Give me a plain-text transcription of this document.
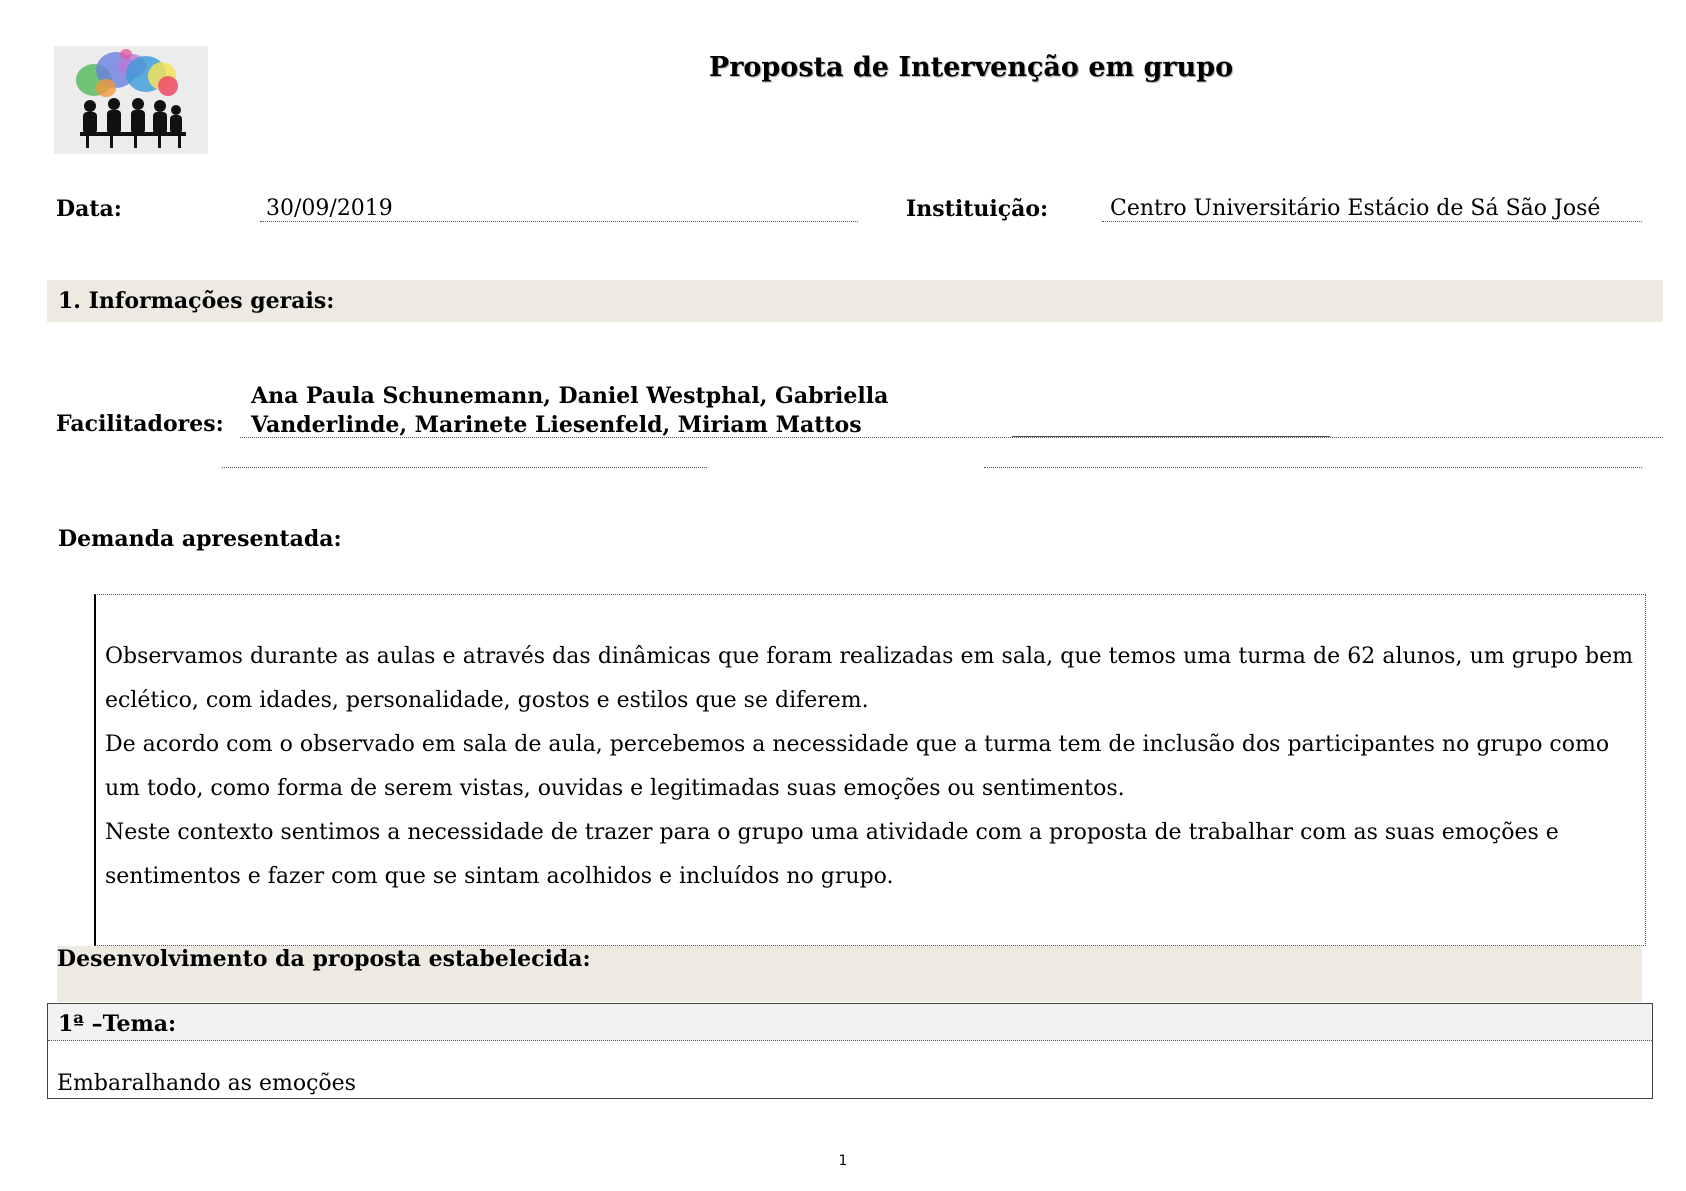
Proposta de Intervenção em grupo
Data:	30/09/2019	Instituição:	Centro Universitário Estácio de Sá São José
1. Informações gerais:
Facilitadores:
Ana Paula Schunemann, Daniel Westphal, Gabriella
Vanderlinde, Marinete Liesenfeld, Miriam Mattos
Demanda apresentada:
Observamos durante as aulas e através das dinâmicas que foram realizadas em sala, que temos uma turma de 62 alunos, um grupo bem eclético, com idades, personalidade, gostos e estilos que se diferem.
De acordo com o observado em sala de aula, percebemos a necessidade que a turma tem de inclusão dos participantes no grupo como um todo, como forma de serem vistas, ouvidas e legitimadas suas emoções ou sentimentos.
Neste contexto sentimos a necessidade de trazer para o grupo uma atividade com a proposta de trabalhar com as suas emoções e sentimentos e fazer com que se sintam acolhidos e incluídos no grupo.
Desenvolvimento da proposta estabelecida:
1ª –Tema:
Embaralhando as emoções
1
